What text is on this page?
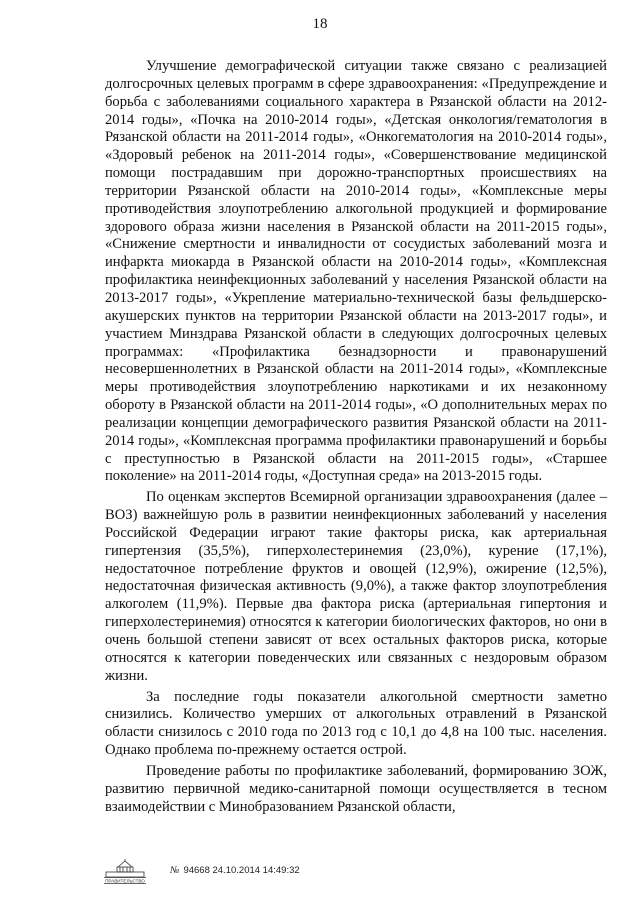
18

Улучшение демографической ситуации также связано с реализацией долгосрочных целевых программ в сфере здравоохранения: «Предупреждение и борьба с заболеваниями социального характера в Рязанской области на 2012-2014 годы», «Почка на 2010-2014 годы», «Детская онкология/гематология в Рязанской области на 2011-2014 годы», «Онкогематология на 2010-2014 годы», «Здоровый ребенок на 2011-2014 годы», «Совершенствование медицинской помощи пострадавшим при дорожно-транспортных происшествиях на территории Рязанской области на 2010-2014 годы», «Комплексные меры противодействия злоупотреблению алкогольной продукцией и формирование здорового образа жизни населения в Рязанской области на 2011-2015 годы», «Снижение смертности и инвалидности от сосудистых заболеваний мозга и инфаркта миокарда в Рязанской области на 2010-2014 годы», «Комплексная профилактика неинфекционных заболеваний у населения Рязанской области на 2013-2017 годы», «Укрепление материально-технической базы фельдшерско-акушерских пунктов на территории Рязанской области на 2013-2017 годы», и участием Минздрава Рязанской области в следующих долгосрочных целевых программах: «Профилактика безнадзорности и правонарушений несовершеннолетних в Рязанской области на 2011-2014 годы», «Комплексные меры противодействия злоупотреблению наркотиками и их незаконному обороту в Рязанской области на 2011-2014 годы», «О дополнительных мерах по реализации концепции демографического развития Рязанской области на 2011-2014 годы», «Комплексная программа профилактики правонарушений и борьбы с преступностью в Рязанской области на 2011-2015 годы», «Старшее поколение» на 2011-2014 годы, «Доступная среда» на 2013-2015 годы.

По оценкам экспертов Всемирной организации здравоохранения (далее – ВОЗ) важнейшую роль в развитии неинфекционных заболеваний у населения Российской Федерации играют такие факторы риска, как артериальная гипертензия (35,5%), гиперхолестеринемия (23,0%), курение (17,1%), недостаточное потребление фруктов и овощей (12,9%), ожирение (12,5%), недостаточная физическая активность (9,0%), а также фактор злоупотребления алкоголем (11,9%). Первые два фактора риска (артериальная гипертония и гиперхолестеринемия) относятся к категории биологических факторов, но они в очень большой степени зависят от всех остальных факторов риска, которые относятся к категории поведенческих или связанных с нездоровым образом жизни.

За последние годы показатели алкогольной смертности заметно снизились. Количество умерших от алкогольных отравлений в Рязанской области снизилось с 2010 года по 2013 год с 10,1 до 4,8 на 100 тыс. населения. Однако проблема по-прежнему остается острой.

Проведение работы по профилактике заболеваний, формированию ЗОЖ, развитию первичной медико-санитарной помощи осуществляется в тесном взаимодействии с Минобразованием Рязанской области,

ПРАВИТЕЛЬСТВО
№ 94668 24.10.2014 14:49:32
